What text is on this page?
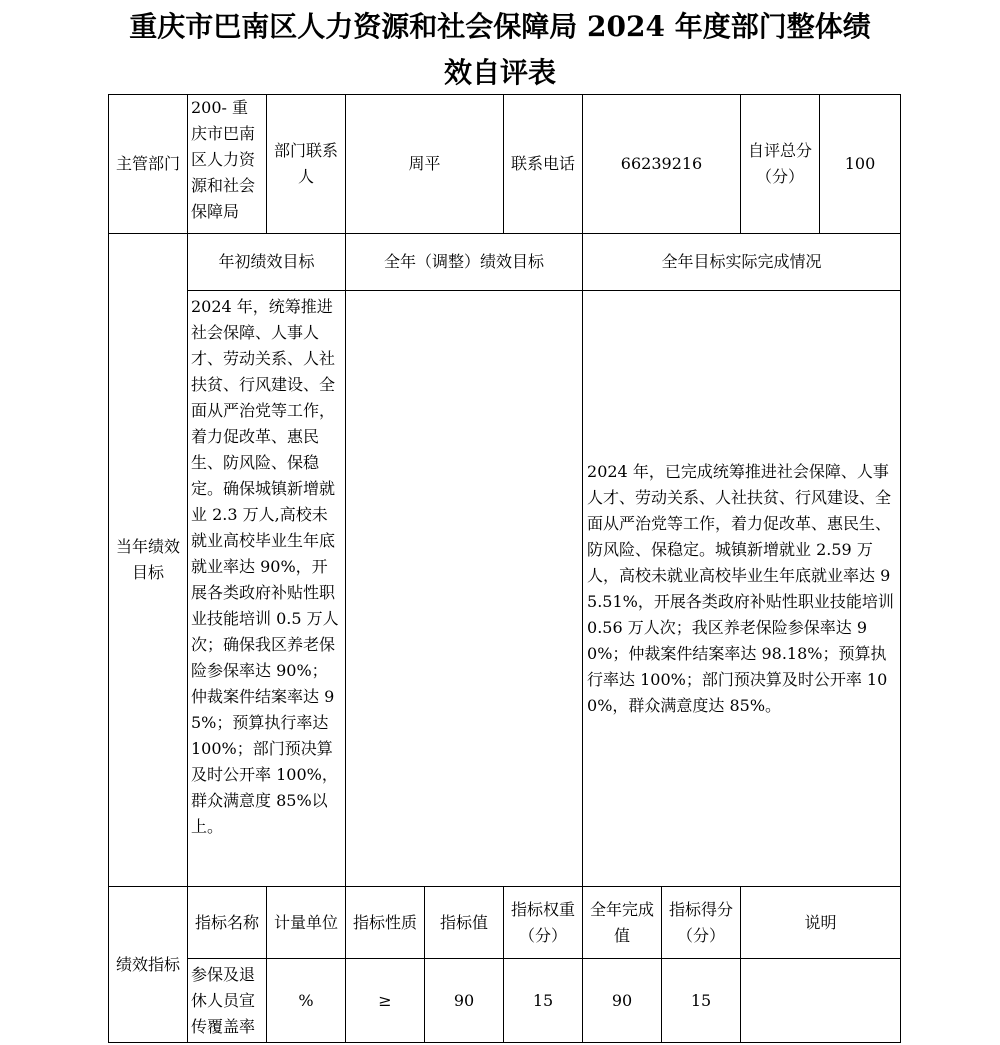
重庆市巴南区人力资源和社会保障局 2024 年度部门整体绩
效自评表
主管部门	200- 重庆市巴南区人力资源和社会保障局	部门联系人	周平		联系电话	66239216		自评总分（分）	100
当年绩效目标	年初绩效目标		全年（调整）绩效目标			全年目标实际完成情况			
	2024 年，统筹推进社会保障、人事人才、劳动关系、人社扶贫、行风建设、全面从严治党等工作，着力促改革、惠民生、防风险、保稳定。确保城镇新增就业 2.3 万人,高校未就业高校毕业生年底就业率达 90%，开展各类政府补贴性职业技能培训 0.5 万人次；确保我区养老保险参保率达 90%；仲裁案件结案率达 95%；预算执行率达 100%；部门预决算及时公开率 100%，群众满意度 85%以上。					2024 年，已完成统筹推进社会保障、人事人才、劳动关系、人社扶贫、行风建设、全面从严治党等工作，着力促改革、惠民生、防风险、保稳定。城镇新增就业 2.59 万人，高校未就业高校毕业生年底就业率达 95.51%，开展各类政府补贴性职业技能培训 0.56 万人次；我区养老保险参保率达 90%；仲裁案件结案率达 98.18%；预算执行率达 100%；部门预决算及时公开率 100%，群众满意度达 85%。			
绩效指标	指标名称	计量单位	指标性质	指标值	指标权重（分）	全年完成值	指标得分（分）	说明	
	参保及退休人员宣传覆盖率	%	≥	90	15	90	15		
